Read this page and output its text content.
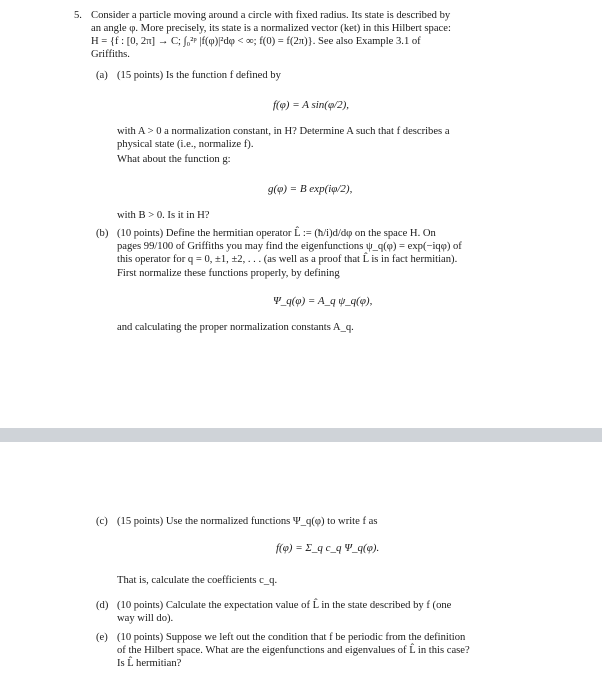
5. Consider a particle moving around a circle with fixed radius. Its state is described by
an angle φ. More precisely, its state is a normalized vector (ket) in this Hilbert space:
H = {f : [0, 2π] → C; ∫₀²ᵖ |f(φ)|²dφ < ∞; f(0) = f(2π)}. See also Example 3.1 of
Griffiths.
(a) (15 points) Is the function f defined by
f(φ) = A sin(φ/2),
with A > 0 a normalization constant, in H? Determine A such that f describes a
physical state (i.e., normalize f).
What about the function g:
g(φ) = B exp(iφ/2),
with B > 0. Is it in H?
(b) (10 points) Define the hermitian operator L̂ := (ħ/i)d/dφ on the space H. On
pages 99/100 of Griffiths you may find the eigenfunctions ψ_q(φ) = exp(−iqφ) of
this operator for q = 0, ±1, ±2, . . . (as well as a proof that L̂ is in fact hermitian).
First normalize these functions properly, by defining
Ψ_q(φ) = A_q ψ_q(φ),
and calculating the proper normalization constants A_q.
(c) (15 points) Use the normalized functions Ψ_q(φ) to write f as
f(φ) = Σ_q c_q Ψ_q(φ).
That is, calculate the coefficients c_q.
(d) (10 points) Calculate the expectation value of L̂ in the state described by f (one
way will do).
(e) (10 points) Suppose we left out the condition that f be periodic from the definition
of the Hilbert space. What are the eigenfunctions and eigenvalues of L̂ in this case?
Is L̂ hermitian?
